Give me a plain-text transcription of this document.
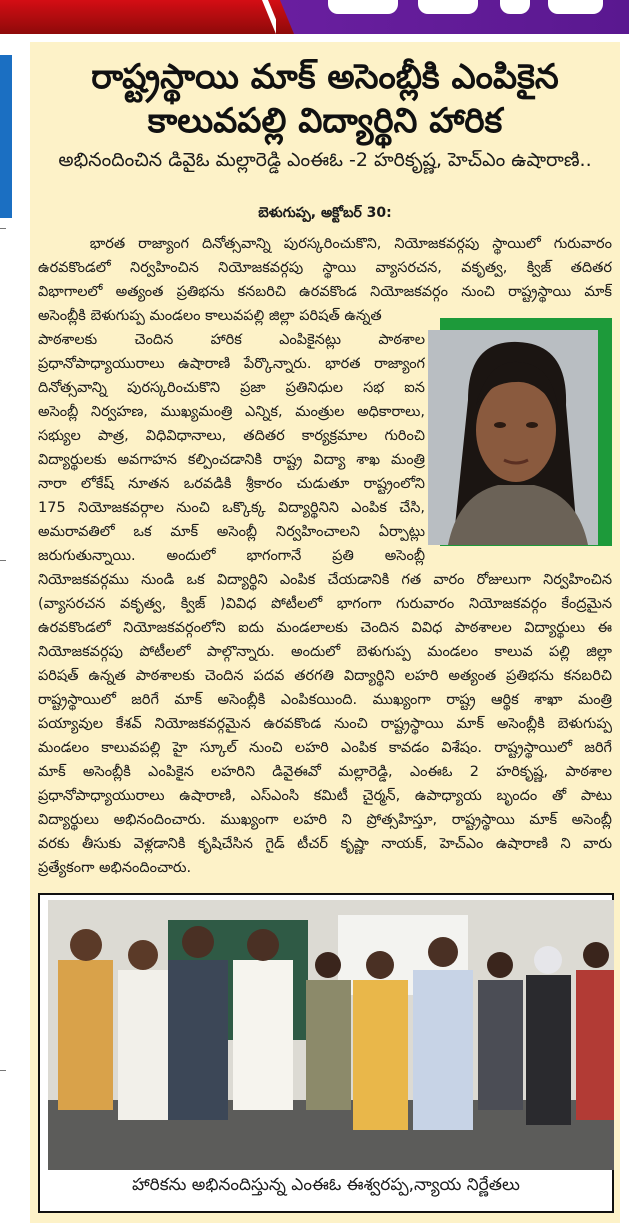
రాష్ట్రస్థాయి మాక్ అసెంబ్లీకి ఎంపికైన
కాలువపల్లి విద్యార్థిని హారిక
అభినందించిన డివైఓ మల్లారెడ్డి ఎంఈఓ -2 హరికృష్ణ, హెచ్ఎం ఉషారాణి..
బెళుగుప్ప, అక్టోబర్ 30:
భారత రాజ్యాంగ దినోత్సవాన్ని పురస్కరించుకొని, నియోజకవర్గపు స్థాయిలో గురువారం
ఉరవకొండలో నిర్వహించిన నియోజకవర్గపు స్థాయి వ్యాసరచన, వకృత్వ, క్విజ్ తదితర
విభాగాలలో అత్యంత ప్రతిభను కనబరిచి ఉరవకొండ నియోజకవర్గం నుంచి రాష్ట్రస్థాయి మాక్
అసెంబ్లీకి బెళుగుప్ప మండలం కాలువపల్లి జిల్లా పరిషత్ ఉన్నత
పాఠశాలకు చెందిన హారిక ఎంపికైనట్లు పాఠశాల
ప్రధానోపాధ్యాయురాలు ఉషారాణి పేర్కొన్నారు. భారత రాజ్యాంగ
దినోత్సవాన్ని పురస్కరించుకొని ప్రజా ప్రతినిధుల సభ ఐన
అసెంబ్లీ నిర్వహణ, ముఖ్యమంత్రి ఎన్నిక, మంత్రుల అధికారాలు,
సభ్యుల పాత్ర, విధివిధానాలు, తదితర కార్యక్రమాల గురించి
విద్యార్థులకు అవగాహన కల్పించడానికి రాష్ట్ర విద్యా శాఖ మంత్రి
నారా లోకేష్ నూతన ఒరవడికి శ్రీకారం చుడుతూ రాష్ట్రంలోని
175 నియోజకవర్గాల నుంచి ఒక్కొక్క విద్యార్థినిని ఎంపిక చేసి,
అమరావతిలో ఒక మాక్ అసెంబ్లీ నిర్వహించాలని ఏర్పాట్లు
జరుగుతున్నాయి. అందులో భాగంగానే ప్రతి అసెంబ్లీ
నియోజకవర్గము నుండి ఒక విద్యార్థిని ఎంపిక చేయడానికి గత వారం రోజులుగా నిర్వహించిన
(వ్యాసరచన వకృత్వ, క్విజ్ )వివిధ పోటీలలో భాగంగా గురువారం నియోజకవర్గం కేంద్రమైన
ఉరవకొండలో నియోజకవర్గంలోని ఐదు మండలాలకు చెందిన వివిధ పాఠశాలల విద్యార్థులు ఈ
నియోజకవర్గపు పోటీలలో పాల్గొన్నారు. అందులో బెళుగుప్ప మండలం కాలువ పల్లి జిల్లా
పరిషత్ ఉన్నత పాఠశాలకు చెందిన పదవ తరగతి విద్యార్థిని లహరి అత్యంత ప్రతిభను కనబరిచి
రాష్ట్రస్థాయిలో జరిగే మాక్ అసెంబ్లీకి ఎంపికయింది. ముఖ్యంగా రాష్ట్ర ఆర్థిక శాఖా మంత్రి
పయ్యావుల కేశవ్ నియోజకవర్గమైన ఉరవకొండ నుంచి రాష్ట్రస్థాయి మాక్ అసెంబ్లీకి బెళుగుప్ప
మండలం కాలువపల్లి హై స్కూల్ నుంచి లహరి ఎంపిక కావడం విశేషం. రాష్ట్రస్థాయిలో జరిగే
మాక్ అసెంబ్లీకి ఎంపికైన లహరిని డివైఈవో మల్లారెడ్డి, ఎంఈఓ 2 హరికృష్ణ, పాఠశాల
ప్రధానోపాధ్యాయురాలు ఉషారాణి, ఎస్ఎంసి కమిటీ చైర్మన్, ఉపాధ్యాయ బృందం తో పాటు
విద్యార్థులు అభినందించారు. ముఖ్యంగా లహరి ని ప్రోత్సహిస్తూ, రాష్ట్రస్థాయి మాక్ అసెంబ్లీ
వరకు తీసుకు వెళ్లడానికి కృషిచేసిన గైడ్ టీచర్ కృష్ణా నాయక్, హెచ్ఎం ఉషారాణి ని వారు
ప్రత్యేకంగా అభినందించారు.
హారికను అభినందిస్తున్న ఎంఈఓ ఈశ్వరప్ప,న్యాయ నిర్ణేతలు
